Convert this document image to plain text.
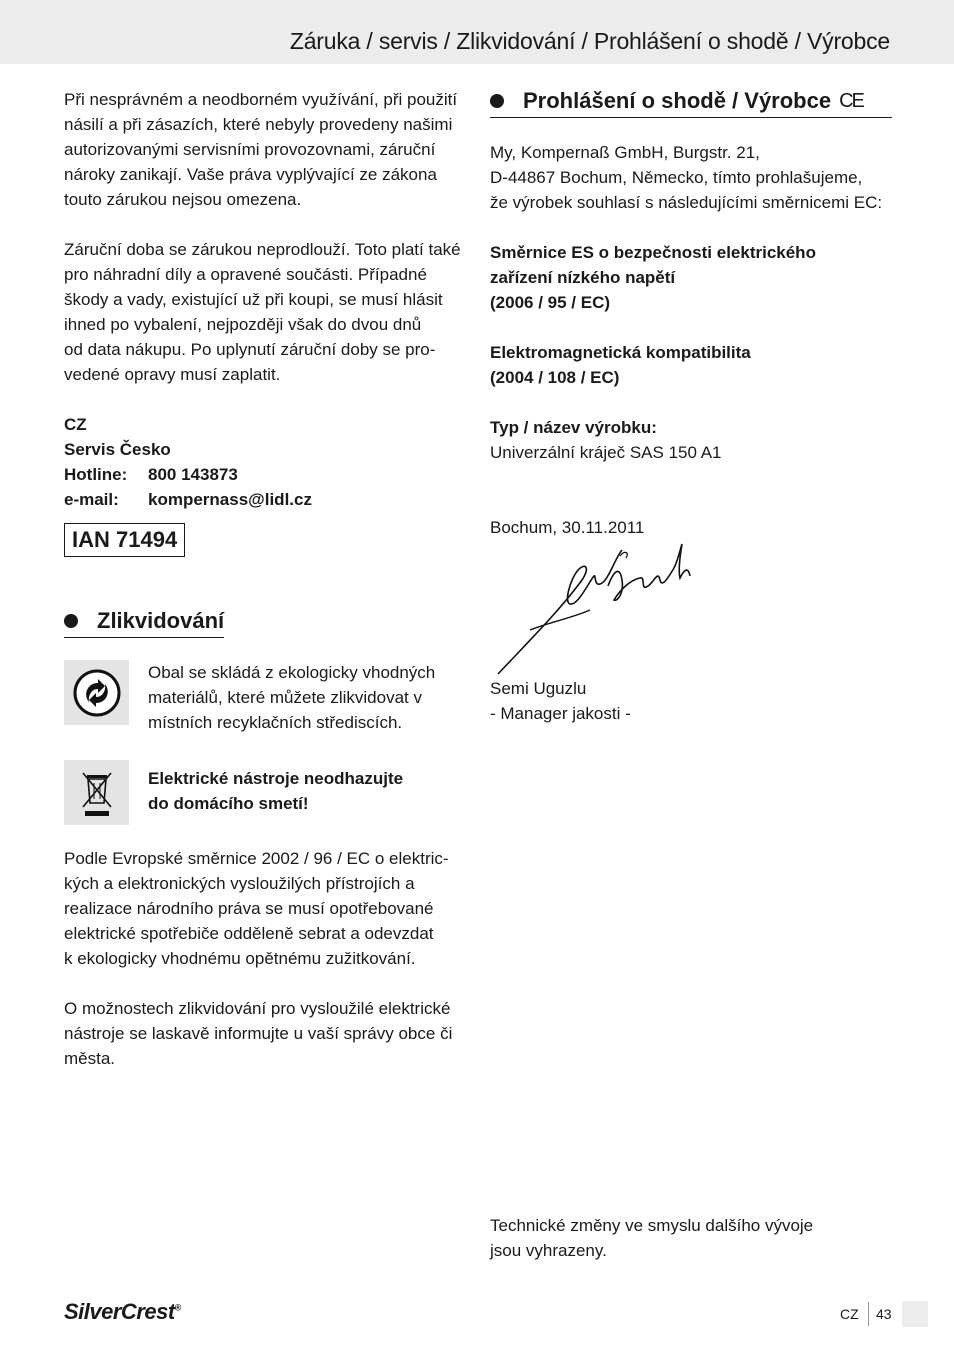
Záruka / servis / Zlikvidování / Prohlášení o shodě / Výrobce

Při nesprávném a neodborném využívání, při použití

násilí a při zásazích, které nebyly provedeny našimi

autorizovanými servisními provozovnami, záruční

nároky zanikají. Vaše práva vyplývající ze zákona

touto zárukou nejsou omezena.

Záruční doba se zárukou neprodlouží. Toto platí také

pro náhradní díly a opravené součásti. Případné

škody a vady, existující už při koupi, se musí hlásit

ihned po vybalení, nejpozději však do dvou dnů

od data nákupu. Po uplynutí záruční doby se pro-

vedené opravy musí zaplatit.

CZ

Servis Česko

Hotline:	800 143873
e-mail:	kompernass@lidl.cz
IAN 71494

Zlikvidování

Obal se skládá z ekologicky vhodných

materiálů, které můžete zlikvidovat v

místních recyklačních střediscích.

Elektrické nástroje neodhazujte

do domácího smetí!

Podle Evropské směrnice 2002 / 96 / EC o elektric-

kých a elektronických vysloužilých přístrojích a

realizace národního práva se musí opotřebované

elektrické spotřebiče odděleně sebrat a odevzdat

k ekologicky vhodnému opětnému zužitkování.

O možnostech zlikvidování pro vysloužilé elektrické

nástroje se laskavě informujte u vaší správy obce či

města.

Prohlášení o shodě / Výrobce CE

My, Kompernaß GmbH, Burgstr. 21,

D-44867 Bochum, Německo, tímto prohlašujeme,

že výrobek souhlasí s následujícími směrnicemi EC:

Směrnice ES o bezpečnosti elektrického

zařízení nízkého napětí

(2006 / 95 / EC)

Elektromagnetická kompatibilita

(2004 / 108 / EC)

Typ / název výrobku:

Univerzální kráječ SAS 150 A1

Bochum, 30.11.2011

Semi Uguzlu

- Manager jakosti -

Technické změny ve smyslu dalšího vývoje

jsou vyhrazeny.

SilverCrest®	CZ 43
